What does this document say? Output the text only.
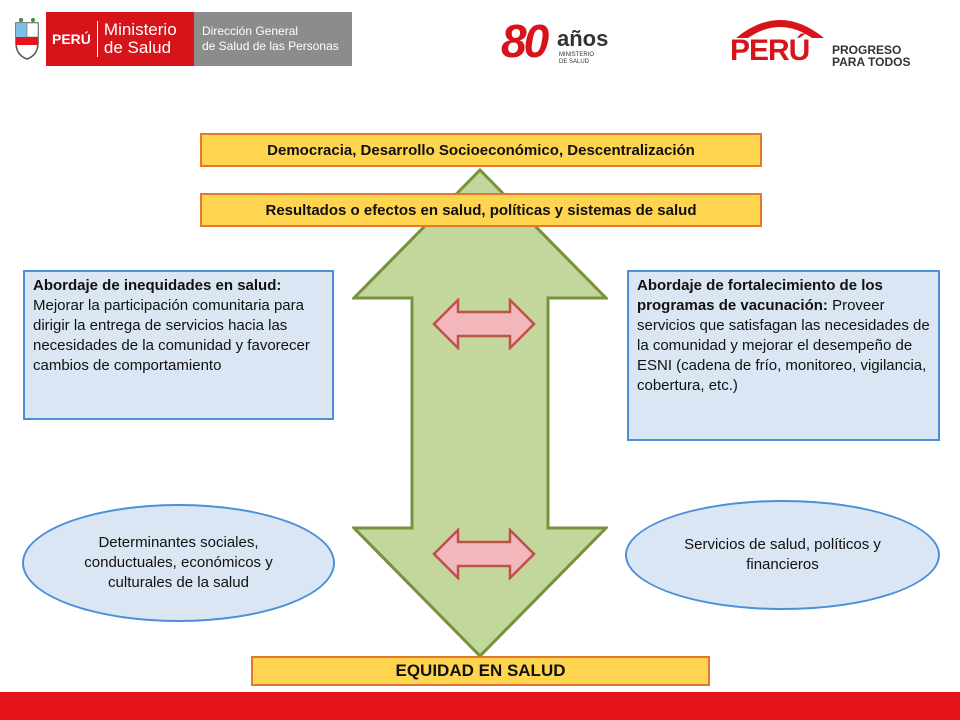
PERÚ Ministerio
de Salud
Dirección General
de Salud de las Personas	80 años
MINISTERIO
DE SALUD	PERÚ PROGRESO
PARA TODOS
Democracia, Desarrollo Socioeconómico, Descentralización
Resultados o efectos en salud, políticas y sistemas de salud
EQUIDAD EN SALUD
Abordaje de inequidades en salud: Mejorar la participación comunitaria para dirigir la entrega de servicios hacia las necesidades de la comunidad y favorecer cambios de comportamiento
Abordaje de fortalecimiento de los programas de vacunación: Proveer servicios que satisfagan las necesidades de la comunidad y mejorar el desempeño de ESNI (cadena de frío, monitoreo, vigilancia, cobertura, etc.)
Determinantes sociales, conductuales, económicos y culturales de la salud
Servicios de salud, políticos y financieros
